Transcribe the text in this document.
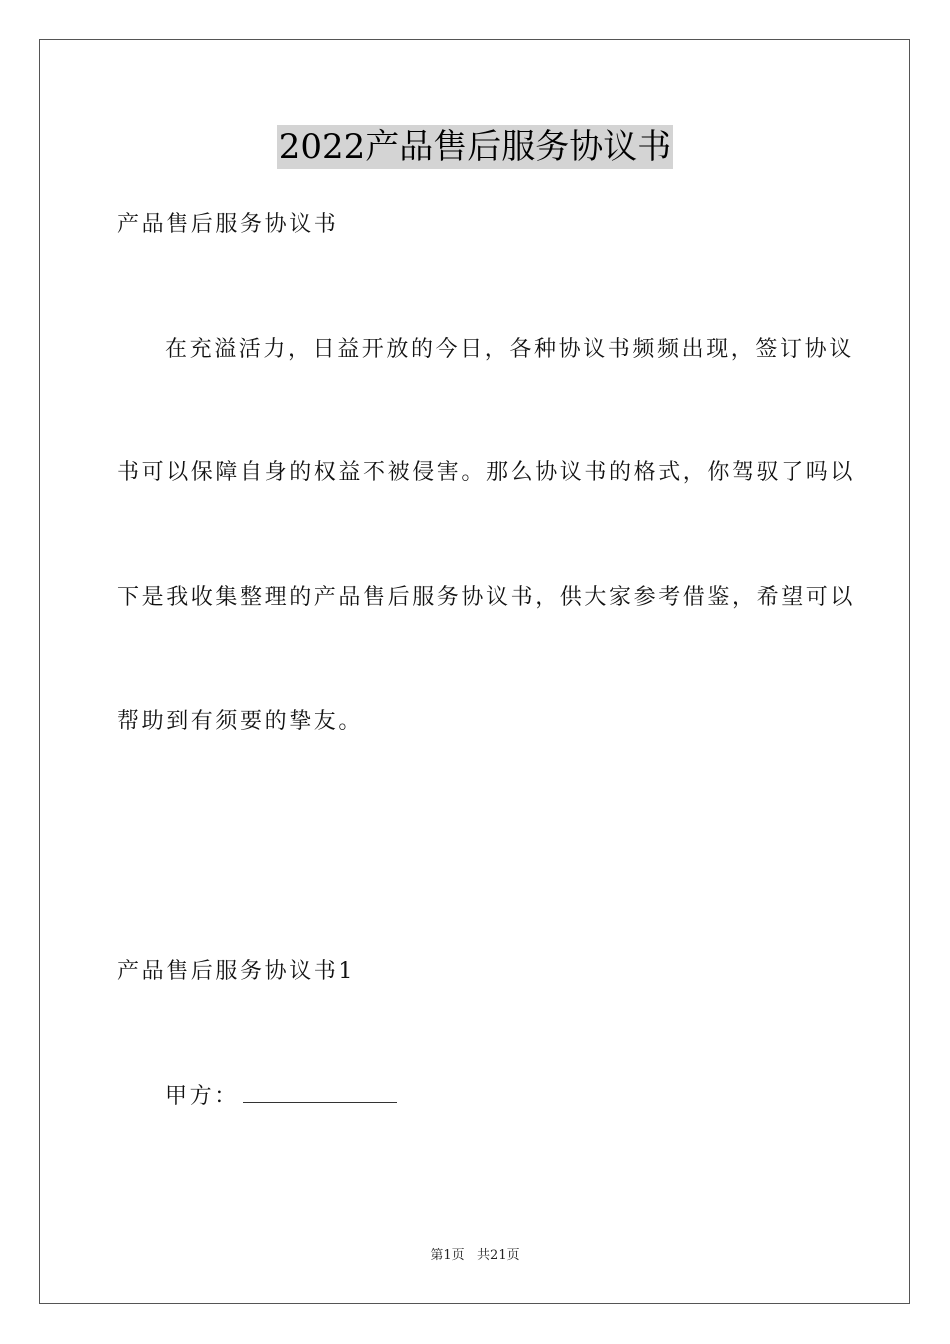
2022产品售后服务协议书
产品售后服务协议书
在充溢活力，日益开放的今日，各种协议书频频出现，签订协议
书可以保障自身的权益不被侵害。那么协议书的格式，你驾驭了吗以
下是我收集整理的产品售后服务协议书，供大家参考借鉴，希望可以
帮助到有须要的挚友。
产品售后服务协议书1
甲方：
第1页   共21页
